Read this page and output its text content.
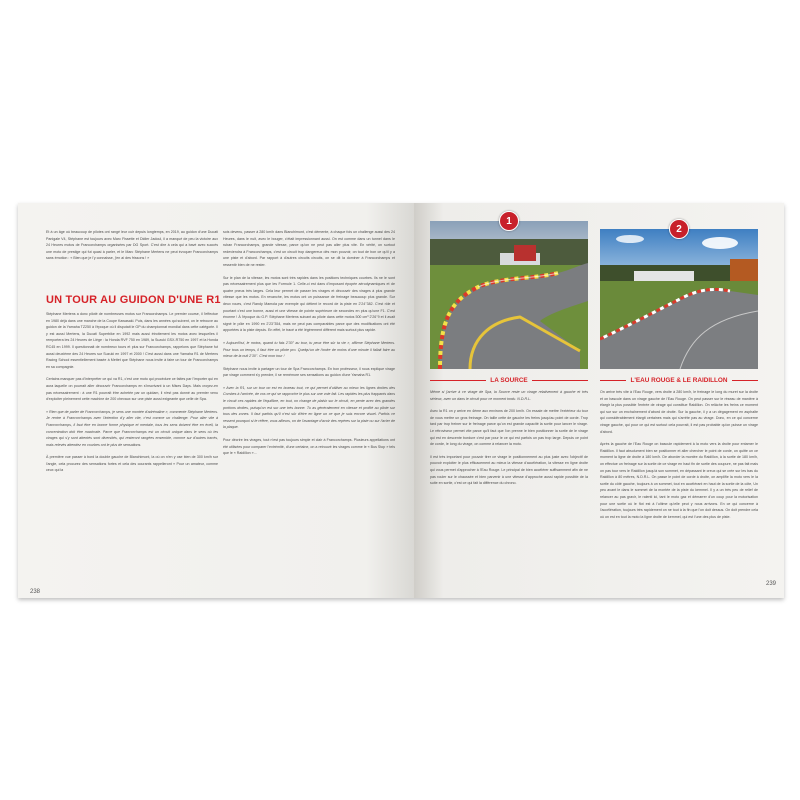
Et à un âge où beaucoup de pilotes ont rangé leur cuir depuis longtemps, en 2019, au guidon d'une Ducati Panigale V4, Stéphane est toujours avec Marc Fissette et Didier Jadoul, il a manqué de peu la victoire aux 24 Heures motos de Francorchamps organisées par DG Sport. C'est dire à cela qui a bavé avec succès une moto de prestige qui fut quasi à parler, et le Marc Stéphane Mertens ne peut évoquer Francorchamps sans émotion : « Bien que je l'y connaisse, j'en ai des frissons ! »

UN TOUR AU GUIDON D'UNE R1

Stéphane Mertens a donc piloté de nombreuses motos sur Francorchamps. Le premier course, il l'effectue en 1980 déjà dans une manche de la Coupe Kawasaki. Puis, dans les années qui suivent, on le retrouve au guidon de la Yamaha TZ250 à l'époque où il disputait le GP du championnat mondial dans cette catégorie. Il y est aussi Mertens, la Ducati Superbike en 1992 mais aussi étroitement les motos avec lesquelles il remportera les 24 Heures de Liège : la Honda RVF 750 en 1989, la Suzuki GSX-R750 en 1997 et la Honda RC45 en 1999. Il questionnait de nombreux tours et plus sur Francorchamps, rappelons que Stéphane fut aussi deuxième des 24 Heures sur Suzuki en 1997 et 2000 ! C'est aussi dans une Yamaha R1 de Mertens Racing School essentiellement basée à Mettet que Stéphane nous invite à faire un tour de Francorchamps en sa compagnie.

Certains manquer pas d'interpréter ce qui va R1, c'est une moto qui procédure ce faites par l'importer qui en aura laquelle on pourrait aller découvrir Francorchamps en s'inscrivant à un Mises Days. Mais croyez-en pas nécessairement : à une R1 pourrait être achetée par un quidam, il n'est pas donné au premier venu d'exploiter pleinement cette machine de 200 chevaux sur une piste aussi exigeante que celle de Spa.

« Rien que de parler de Francorchamps, je sens une montée d'adrénaline », commente Stéphane Mertens. Je rentre à Francorchamps avec l'intention d'y aller vite, c'est comme un challenge. Pour aller vite à Francorchamps, il faut être en bonne forme physique et mentale, tous les sens doivent être en éveil, la concentration doit être maximale. Parce que Francorchamps est un circuit unique dans le sens où les virages qui s'y sont attentés sont diversités, qui resteront rangées ensemble, comme sur d'autres tracés, mais relevés attendez en courbes ont le plus de sensations.

À première vue passer à bord la double gauche de Blanchimont, la où on n'en y ose bien de 300 km/h sur l'angle, cela procurez des sensations fortes et cela des courants rappelleront « Pour un amateur, comme ceux qui la

sois devenu, passer à 280 km/h dans Blanchimont, c'est démente, à chaque fois un challenge aussi des 24 Heures, dans le nuit, avec le bouger, c'était impressionnant aussi. On est comme dans un tunnel dans le ruban Francorchamps, grande vitesse, parce qu'on ne peut pas aller plus vite. En vérité, on surtout redeviendra à Francorchamps, c'est un circuit trop dangereux dès mon pouvoir, on tout de bon ce qu'il y a une piste et d'abord. Par rapport à d'autres circuits circuits, on se dit la dominer à Francorchamps et ressentir bien de ne rester.

Sur le plan de la vitesse, les motos sont très rapides dans les positions techniques courbes. Ils ne le sont pas nécessairement plus que les Formule 1. Celle-ci est dans d'imposant épopée aérodynamiques et de quatre pneus très larges. Cela leur permet de passer les virages et découvrir des virages à plus grande vitesse que les motos. En revanche, les motos ont un puissance de freinage beaucoup plus grande. Sur deux roues, c'est Randy Mamola par exemple qui détient le record de la piste en 2'24''382. C'est rôle et pourtant c'est une bonne, aussi et une vitesse de pointe supérieure de secondes en plus qu'une F1. C'est énorme ! À l'époque du G.P. Stéphane Mertens suivant au pilote dans cette motos 500 cm³ 2'26''9 et il avait signé le pôle en 1990 en 2'23''354, mais ne peut pas comparables parce que des modifications ont été apportées à la piste depuis. En effet, le tracé a été légèrement différent mais surtout plus rapide.

« Aujourd'hui, le motos, quand tu fais 2'30'' au tour, tu peux être sûr ta vie », affirme Stéphane Mertens. Pour tous un temps, il faut être un pilote pro. Quelqu'un de l'ordre de moins d'une minute il fallait faire au mieux de la nuit 2'30''. C'est mon tour !

Stéphane nous invite à partager un tour de Spa Francorchamps. En bon professeur, il nous explique virage par virage comment s'y prendre, il se remémore ses sensations au guidon d'une Yamaha R1.

« Avec la R1, sur un tour on est en boxeau tout, ce qui permet d'utiliser au mieux les lignes droites des Combes à l'arrivée, de vos ce qui se rapproche le plus sur une voie fait. Les rapides les plus frappants dans le circuit ces rapides de l'équilibre, en tout, on change de plaisir sur le circuit, en pente avec des grandes portions droites, puisqu'on est sur une très bonne. Tu as généralement en vitesse et profité au pilote sur tous des zones. Il faut parfois qu'il n'est sûr d'être en ligne un ce que je suis encore visuel. Parfois ce ressent pourquoi si le réfère, vous ailleurs, on de l'avantage d'avoir des repères sur la piste ou sur l'acier de la plaque.

Pour décrire les virages, tout n'est pas toujours simple et clair à Francorchamps. Plusieurs appellations ont été utilisées pour comparer l'extrémité, d'une certaine, on a retrouvé les virages comme le « Bus Stop » tels que le « Raidillon »...

238
1
2
LA SOURCE

Même si j'arrive à ce virage de Spa, la Source reste un virage relativement à gauche et très sérieux, avec un dans le circuit pour ce moment tordu. N.D.R.L.

Avec la R1 on y arrive en 4ème aux environs de 200 km/h. On essaie de mettre l'extérieur du tour de vous mettre un gros freinage. On taille cette de gauche les freins jusqu'au point de corde. Trop tard par trop freiner sur le freinage parce qu'on est grande capacité la sortie pour lancer le virage. Le rétroviseur permet vite parce qu'il faut que l'on prenne le bien positionner la sortie de le virage qui est en descente bordure c'est par pour le ce qui est parfois un pas trop large. Depuis ce point de corde, le long du virage, on comme à relancer la moto.

Il est très important pour pouvoir tirer ce virage le positionnement au plus juste avec l'objectif de pouvoir exploiter le plus efficacement au mieux la vitesse d'accélération, la vitesse en ligne droite qui vous permet d'approcher à l'Eau Rouge. Le principal de bien accélérer suffisamment afin de ne pas rouler sur le chaussée et bien parvenir à une vitesse d'approche aussi rapide possible de la suite en sortie, c'est ce qui fait la différence du chrono.

L'EAU ROUGE & LE RAIDILLON

On arrive très vite à l'Eau Rouge, vers droite à 280 km/h, le freinage le long du muret sur la droite et on bascule dans un virage gauche de l'Eau Rouge. On peut passer sur le réseau de manière à élargir la plus possible l'entrée de virage qui constitue Raidillon. On relâche les freins ce moment qui sur sur un enchaînement d'abord de droite. Sur la gauche, il y a un dégagement en asphalte qui considérablement élargit certaines mais qui s'arrête pas au virage. Donc, en ce qui concerne virage gauche, qui pour ce qui est surtout cela pourrait, il est pas probable qu'on puisse un virage d'abord.

Après la gauche de l'Eau Rouge on bascule rapidement à la moto vers la droite pour entamer le Raidillon. Il faut absolument bien se positionner et aller chercher le point de corde, on quitte un ce moment la ligne de droite à 180 km/h. De aborder la montée du Raidillon, à la sortie de 180 km/h, on effectue un freinage sur la sortie de ce virage en haut fin de sortie des coupure, ne pas fait mais on pas tour vers le Raidillon jusqu'à son sommet, en dépassant le creux qui se crée sur les bas du Raidillon à 80 mètres, N.D.R.L. On passe le point de corde à droite, on amplifie la moto vers le la sortie du côté gauche, toujours à un sommet, tout en accélérant en haut de la sortie de la côte, Un peu avant le dans le sommet de la montée de la piste du kemmel. Il y a un très peu de relief de relancer au pas gravir, le ralenti ici, tant le moto gaz et démarrer d'un coup pour la motorisation pour une sortie où le flot est à l'ultime qu'elle peut y nous arrivons. En ce qui concerne à l'accélération, toujours très rapidement on ne tout à la fin que l'on doit dessus. On doit prendre cela où on est en tout la moto la ligne droite de kemmel, qui est l'une des plus de piste.

239
